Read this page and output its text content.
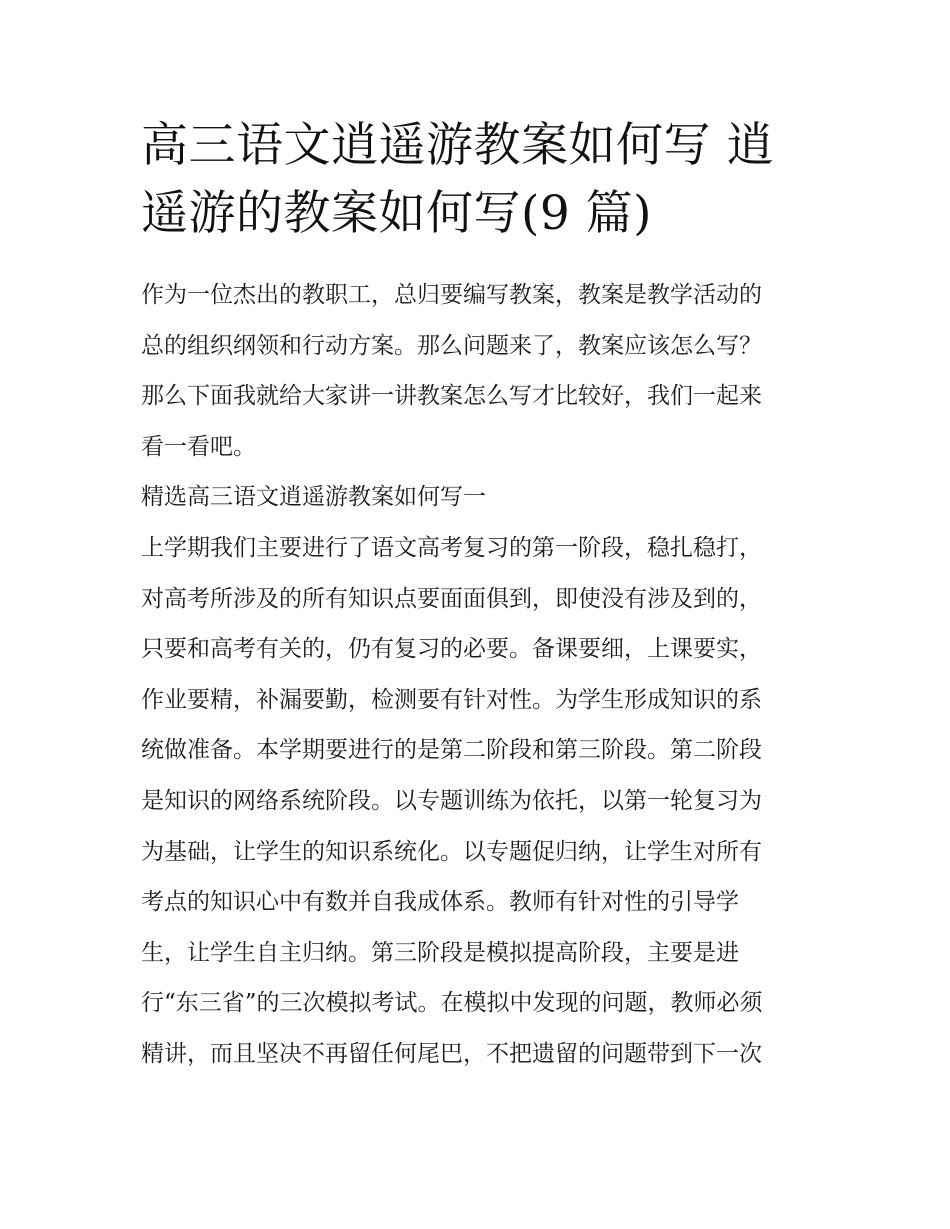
高三语文逍遥游教案如何写 逍
遥游的教案如何写(9 篇)
作为一位杰出的教职工，总归要编写教案，教案是教学活动的
总的组织纲领和行动方案。那么问题来了，教案应该怎么写？
那么下面我就给大家讲一讲教案怎么写才比较好，我们一起来
看一看吧。
精选高三语文逍遥游教案如何写一
上学期我们主要进行了语文高考复习的第一阶段，稳扎稳打，
对高考所涉及的所有知识点要面面俱到，即使没有涉及到的，
只要和高考有关的，仍有复习的必要。备课要细，上课要实，
作业要精，补漏要勤，检测要有针对性。为学生形成知识的系
统做准备。本学期要进行的是第二阶段和第三阶段。第二阶段
是知识的网络系统阶段。以专题训练为依托，以第一轮复习为
为基础，让学生的知识系统化。以专题促归纳，让学生对所有
考点的知识心中有数并自我成体系。教师有针对性的引导学
生，让学生自主归纳。第三阶段是模拟提高阶段，主要是进
行“东三省”的三次模拟考试。在模拟中发现的问题，教师必须
精讲，而且坚决不再留任何尾巴，不把遗留的问题带到下一次
